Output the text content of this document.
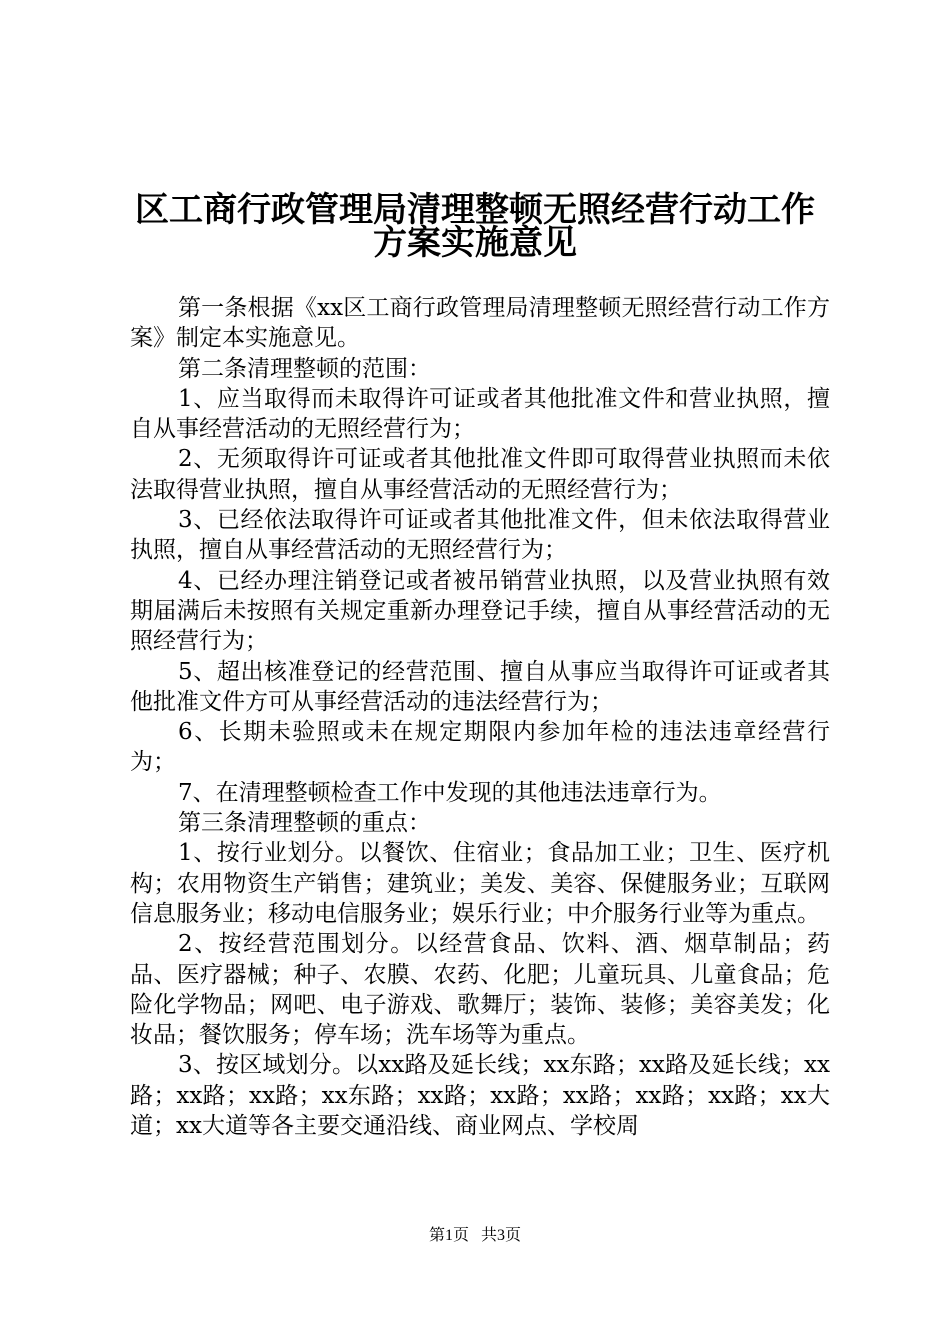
区工商行政管理局清理整顿无照经营行动工作
方案实施意见

第一条根据《xx区工商行政管理局清理整顿无照经营行动工作方案》制定本实施意见。

第二条清理整顿的范围：

1、应当取得而未取得许可证或者其他批准文件和营业执照，擅自从事经营活动的无照经营行为；

2、无须取得许可证或者其他批准文件即可取得营业执照而未依法取得营业执照，擅自从事经营活动的无照经营行为；

3、已经依法取得许可证或者其他批准文件，但未依法取得营业执照，擅自从事经营活动的无照经营行为；

4、已经办理注销登记或者被吊销营业执照，以及营业执照有效期届满后未按照有关规定重新办理登记手续，擅自从事经营活动的无照经营行为；

5、超出核准登记的经营范围、擅自从事应当取得许可证或者其他批准文件方可从事经营活动的违法经营行为；

6、长期未验照或未在规定期限内参加年检的违法违章经营行为；

7、在清理整顿检查工作中发现的其他违法违章行为。

第三条清理整顿的重点：

1、按行业划分。以餐饮、住宿业；食品加工业；卫生、医疗机构；农用物资生产销售；建筑业；美发、美容、保健服务业；互联网信息服务业；移动电信服务业；娱乐行业；中介服务行业等为重点。

2、按经营范围划分。以经营食品、饮料、酒、烟草制品；药品、医疗器械；种子、农膜、农药、化肥；儿童玩具、儿童食品；危险化学物品；网吧、电子游戏、歌舞厅；装饰、装修；美容美发；化妆品；餐饮服务；停车场；洗车场等为重点。

3、按区域划分。以xx路及延长线；xx东路；xx路及延长线；xx路；xx路；xx路；xx东路；xx路；xx路；xx路；xx路；xx路；xx大道；xx大道等各主要交通沿线、商业网点、学校周

第1页 共3页
